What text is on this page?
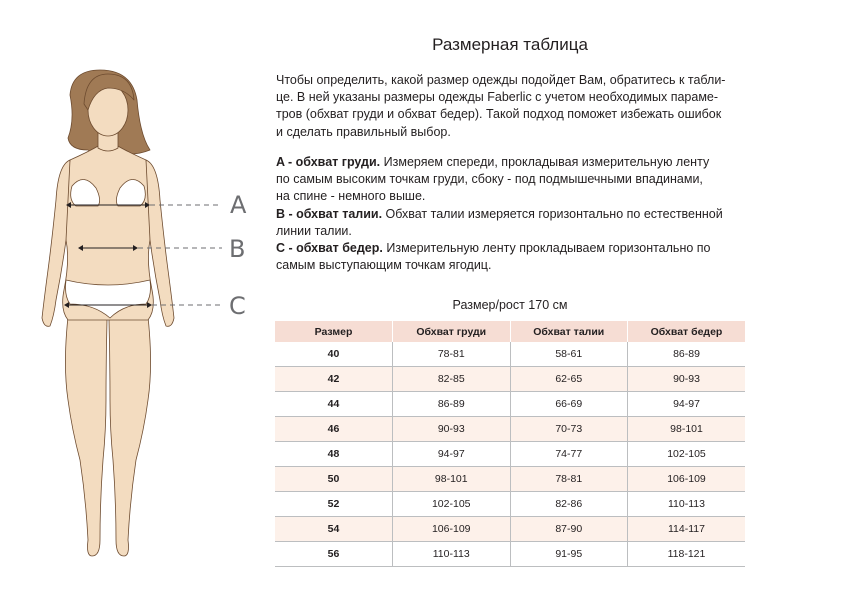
A
B
C
Размерная таблица
Чтобы определить, какой размер одежды подойдет Вам, обратитесь к табли-
це. В ней указаны размеры одежды Faberlic с учетом необходимых параме-
тров (обхват груди и обхват бедер). Такой подход поможет избежать ошибок
и сделать правильный выбор.

A - обхват груди. Измеряем спереди, прокладывая измерительную ленту
по самым высоким точкам груди, сбоку - под подмышечными впадинами,
на спине - немного выше.

B - обхват талии. Обхват талии измеряется горизонтально по естественной
линии талии.

C - обхват бедер. Измерительную ленту прокладываем горизонтально по
самым выступающим точкам ягодиц.

Размер/рост 170 см
Размер	Обхват груди	Обхват талии	Обхват бедер
40	78-81	58-61	86-89
42	82-85	62-65	90-93
44	86-89	66-69	94-97
46	90-93	70-73	98-101
48	94-97	74-77	102-105
50	98-101	78-81	106-109
52	102-105	82-86	110-113
54	106-109	87-90	114-117
56	110-113	91-95	118-121
